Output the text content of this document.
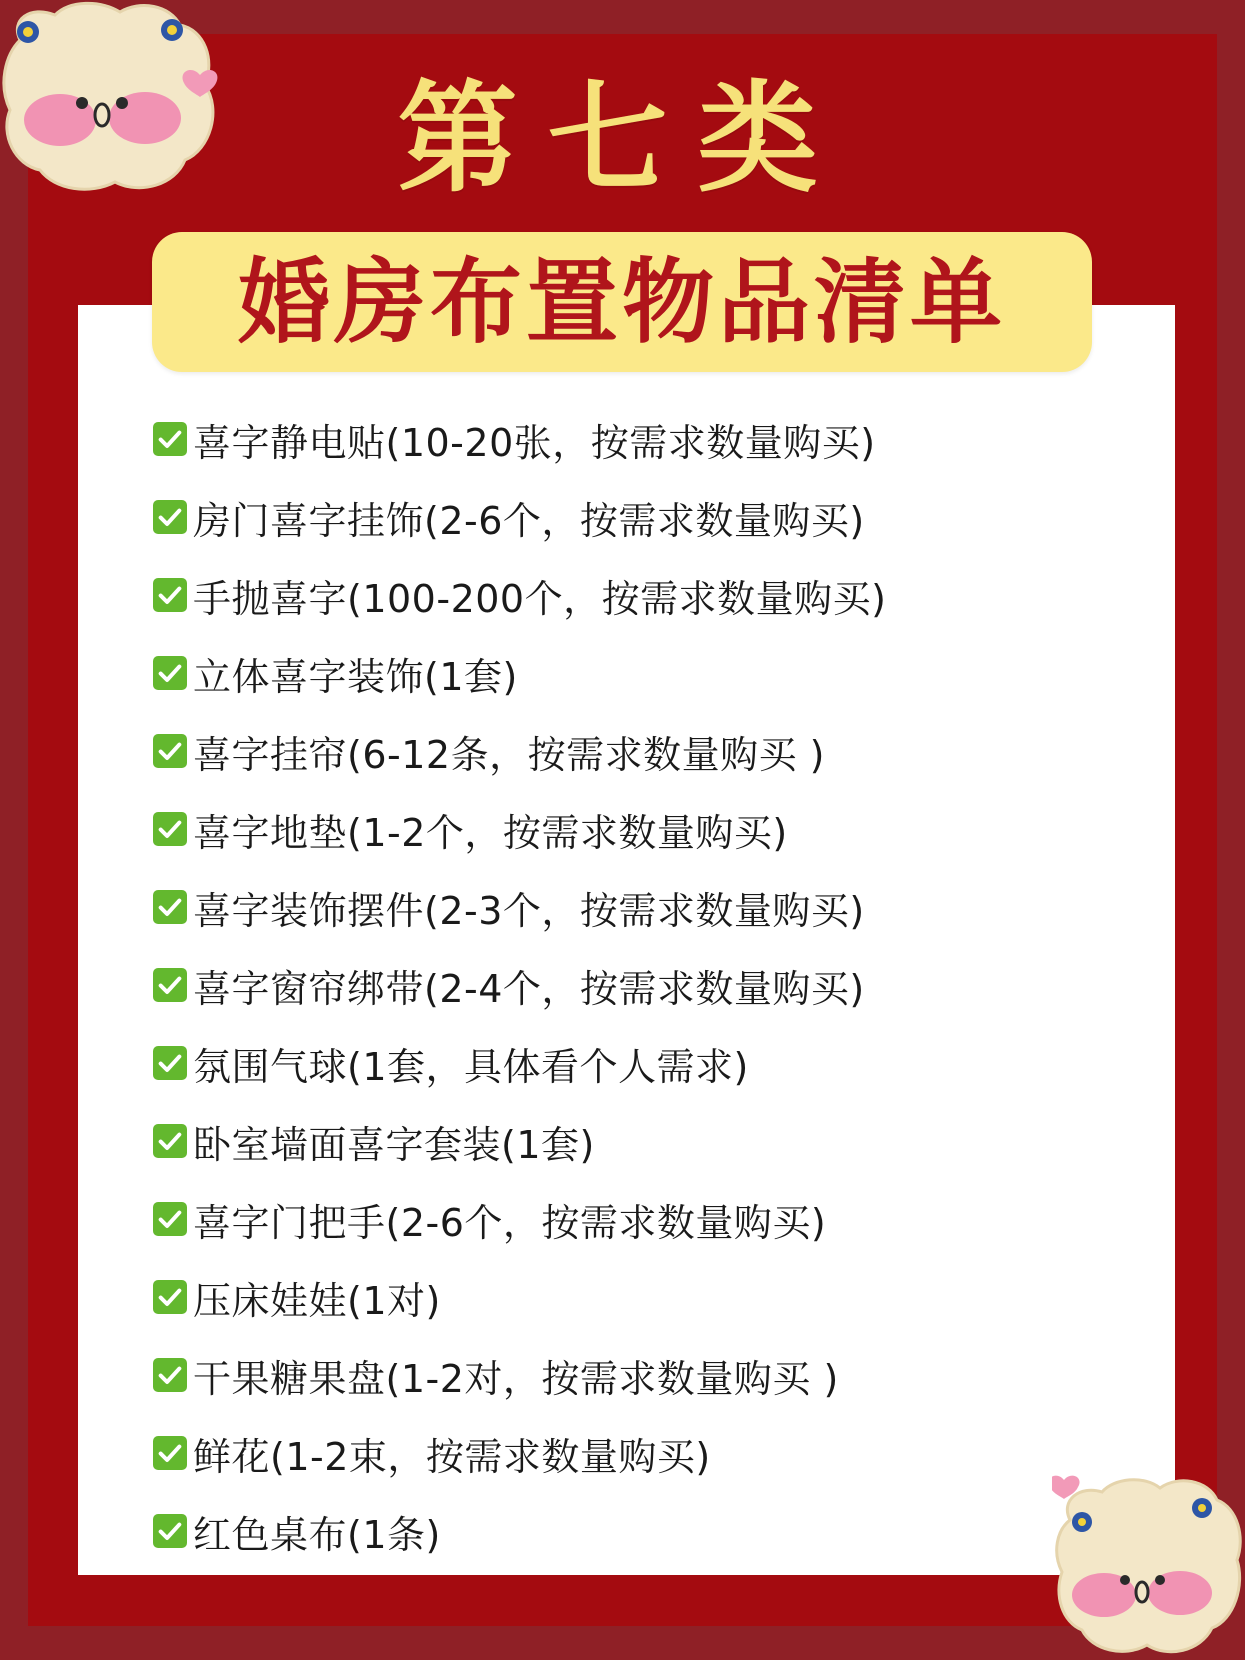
第七类
婚房布置物品清单
喜字静电贴(10-20张，按需求数量购买)
房门喜字挂饰(2-6个，按需求数量购买)
手抛喜字(100-200个，按需求数量购买)
立体喜字装饰(1套)
喜字挂帘(6-12条，按需求数量购买 )
喜字地垫(1-2个，按需求数量购买)
喜字装饰摆件(2-3个，按需求数量购买)
喜字窗帘绑带(2-4个，按需求数量购买)
氛围气球(1套，具体看个人需求)
卧室墙面喜字套装(1套)
喜字门把手(2-6个，按需求数量购买)
压床娃娃(1对)
干果糖果盘(1-2对，按需求数量购买 )
鲜花(1-2束，按需求数量购买)
红色桌布(1条)
